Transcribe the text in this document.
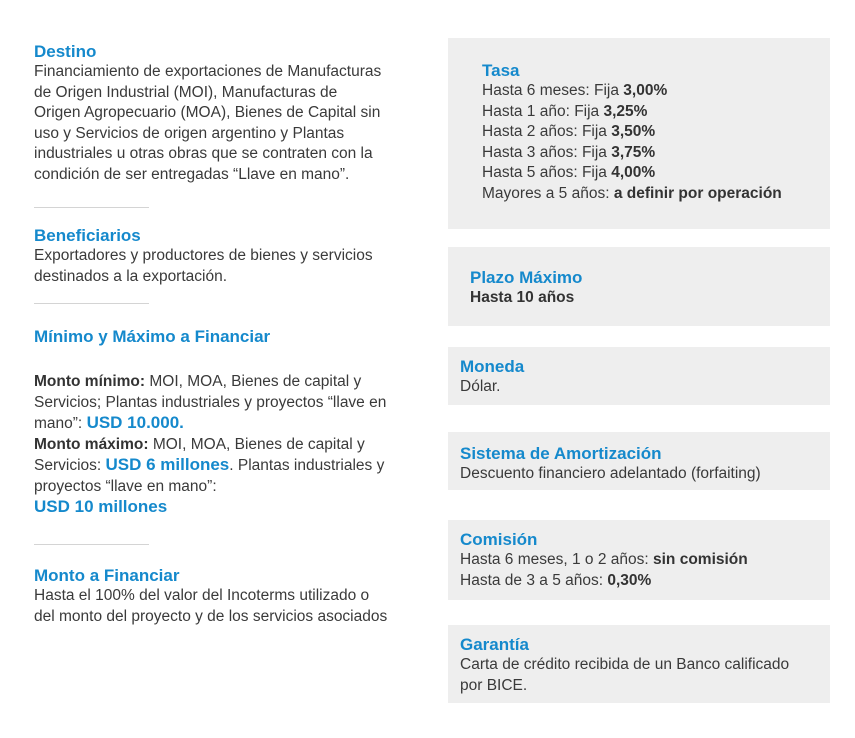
Destino

Financiamiento de exportaciones de Manufacturas

de Origen Industrial (MOI), Manufacturas de

Origen Agropecuario (MOA), Bienes de Capital sin

uso y Servicios de origen argentino y Plantas

industriales u otras obras que se contraten con la

condición de ser entregadas “Llave en mano”.

Beneficiarios

Exportadores y productores de bienes y servicios

destinados a la exportación.

Mínimo y Máximo a Financiar

Monto mínimo: MOI, MOA, Bienes de capital y

Servicios; Plantas industriales y proyectos “llave en

mano”: USD 10.000.

Monto máximo: MOI, MOA, Bienes de capital y

Servicios: USD 6 millones. Plantas industriales y

proyectos “llave en mano”:

USD 10 millones

Monto a Financiar

Hasta el 100% del valor del Incoterms utilizado o

del monto del proyecto y de los servicios asociados

Tasa

Hasta 6 meses: Fija 3,00%

Hasta 1 año: Fija 3,25%

Hasta 2 años: Fija 3,50%

Hasta 3 años: Fija 3,75%

Hasta 5 años: Fija 4,00%

Mayores a 5 años: a definir por operación

Plazo Máximo

Hasta 10 años

Moneda

Dólar.

Sistema de Amortización

Descuento financiero adelantado (forfaiting)

Comisión

Hasta 6 meses, 1 o 2 años: sin comisión

Hasta de 3 a 5 años: 0,30%

Garantía

Carta de crédito recibida de un Banco calificado

por BICE.
